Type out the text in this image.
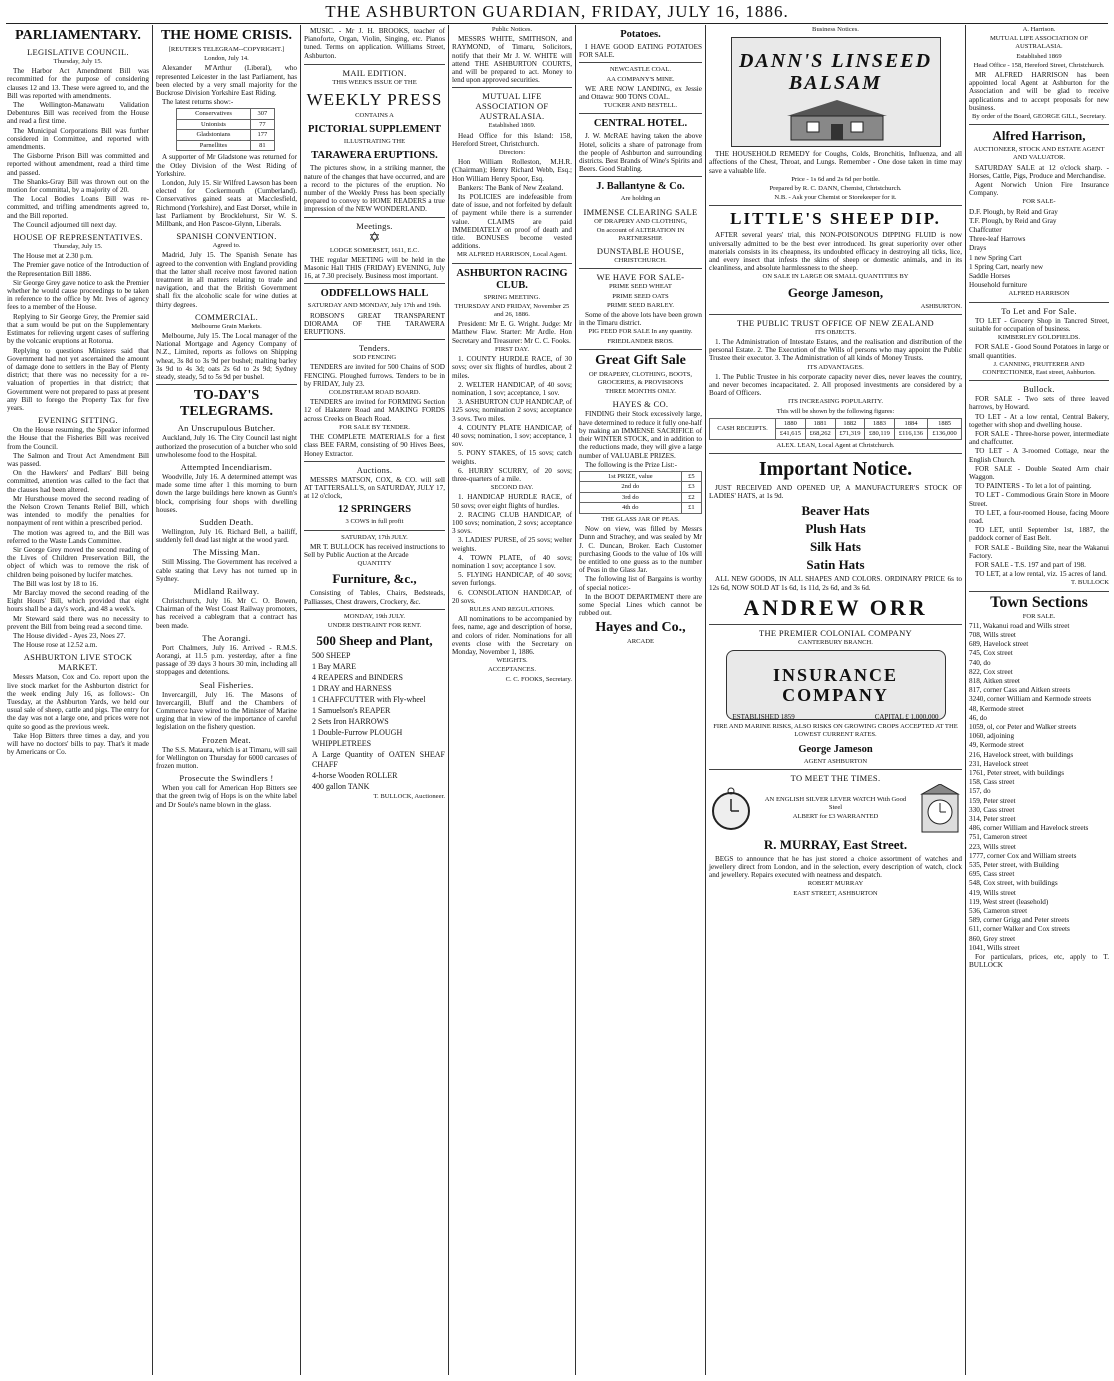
THE ASHBURTON GUARDIAN, FRIDAY, JULY 16, 1886.
PARLIAMENTARY.
LEGISLATIVE COUNCIL.
Thursday, July 15.

The Harbor Act Amendment Bill was recommitted for the purpose of considering clauses 12 and 13. These were agreed to, and the Bill was reported with amendments.

The Wellington-Manawatu Validation Debentures Bill was received from the House and read a first time.

The Municipal Corporations Bill was further considered in Committee, and reported with amendments.

The Gisborne Prison Bill was committed and reported without amendment, read a third time and passed.

The Shanks-Gray Bill was thrown out on the motion for committal, by a majority of 20.

The Local Bodies Loans Bill was re-committed, and trifling amendments agreed to, and the Bill reported.

The Council adjourned till next day.

HOUSE OF REPRESENTATIVES.
Thursday, July 15.

The House met at 2.30 p.m.

The Premier gave notice of the Introduction of the Representation Bill 1886.

Sir George Grey gave notice to ask the Premier whether he would cause proceedings to be taken in reference to the office by Mr. Ives of agency fees to a member of the House.

Replying to Sir George Grey, the Premier said that a sum would be put on the Supplementary Estimates for relieving urgent cases of suffering by the volcanic eruptions at Rotorua.

Replying to questions Ministers said that Government had not yet ascertained the amount of damage done to settlers in the Bay of Plenty district; that there was no necessity for a re-valuation of properties in that district; that Government were not prepared to pass at present any Bill to forego the Property Tax for five years.

EVENING SITTING.

On the House resuming, the Speaker informed the House that the Fisheries Bill was received from the Council.

The Salmon and Trout Act Amendment Bill was passed.

On the Hawkers' and Pedlars' Bill being committed, attention was called to the fact that the clauses had been altered.

Mr Hursthouse moved the second reading of the Nelson Crown Tenants Relief Bill, which was intended to modify the penalties for nonpayment of rent within a prescribed period.

The motion was agreed to, and the Bill was referred to the Waste Lands Committee.

Sir George Grey moved the second reading of the Lives of Children Preservation Bill, the object of which was to remove the risk of children being poisoned by lucifer matches.

The Bill was lost by 18 to 16.

Mr Barclay moved the second reading of the Eight Hours' Bill, which provided that eight hours shall be a day's work, and 48 a week's.

Mr Steward said there was no necessity to prevent the Bill from being read a second time.

The House divided - Ayes 23, Noes 27.

The House rose at 12.52 a.m.

ASHBURTON LIVE STOCK MARKET.

Messrs Matson, Cox and Co. report upon the live stock market for the Ashburton district for the week ending July 16, as follows:- On Tuesday, at the Ashburton Yards, we held our usual sale of sheep, cattle and pigs. The entry for the day was not a large one, and prices were not quite so good as the previous week.

Take Hop Bitters three times a day, and you will have no doctors' bills to pay. That's it made by Americans or Co.

THE HOME CRISIS.
[REUTER'S TELEGRAM--COPYRIGHT.]
London, July 14.

Alexander M'Arthur (Liberal), who represented Leicester in the last Parliament, has been elected by a very small majority for the Buckrose Division Yorkshire East Riding.

The latest returns show:-

Conservatives	307
Unionists	77
Gladstonians	177
Parnellites	81

A supporter of Mr Gladstone was returned for the Otley Division of the West Riding of Yorkshire.

London, July 15. Sir Wilfred Lawson has been elected for Cockermouth (Cumberland). Conservatives gained seats at Macclesfield, Richmond (Yorkshire), and East Dorset, while in last Parliament by Brocklehurst, Sir W. S. Millbank, and Hon Pascoe-Glynn, Liberals.

SPANISH CONVENTION.
Agreed to.

Madrid, July 15. The Spanish Senate has agreed to the convention with England providing that the latter shall receive most favored nation treatment in all matters relating to trade and navigation, and that the British Government shall fix the alcoholic scale for wine duties at thirty degrees.

COMMERCIAL.
Melbourne Grain Markets.

Melbourne, July 15. The Local manager of the National Mortgage and Agency Company of N.Z., Limited, reports as follows on Shipping wheat, 3s 8d to 3s 9d per bushel; malting barley 3s 9d to 4s 3d; oats 2s 6d to 2s 9d; Sydney steady, steady, 5d to 5s 9d per bushel.

TO-DAY'S TELEGRAMS.
An Unscrupulous Butcher.

Auckland, July 16. The City Council last night authorized the prosecution of a butcher who sold unwholesome food to the Hospital.

Attempted Incendiarism.

Woodville, July 16. A determined attempt was made some time after 1 this morning to burn down the large buildings here known as Gunn's block, comprising four shops with dwelling houses.

Sudden Death.

Wellington, July 16. Richard Bell, a bailiff, suddenly fell dead last night at the wood yard.

The Missing Man.

Still Missing. The Government has received a cable stating that Levy has not turned up in Sydney.

Midland Railway.

Christchurch, July 16. Mr C. O. Bowen, Chairman of the West Coast Railway promoters, has received a cablegram that a contract has been made.

The Aorangi.

Port Chalmers, July 16. Arrived - R.M.S. Aorangi, at 11.5 p.m. yesterday, after a fine passage of 39 days 3 hours 30 min, including all stoppages and detentions.

Seal Fisheries.

Invercargill, July 16. The Masons of Invercargill, Bluff and the Chambers of Commerce have wired to the Minister of Marine urging that in view of the importance of careful legislation on the fishery question.

Frozen Meat.

The S.S. Mataura, which is at Timaru, will sail for Wellington on Thursday for 6000 carcases of frozen mutton.

Prosecute the Swindlers !

When you call for American Hop Bitters see that the green twig of Hops is on the white label and Dr Soule's name blown in the glass.

MUSIC. - Mr J. H. BROOKS, teacher of Pianoforte, Organ, Violin, Singing, etc. Pianos tuned. Terms on application. Williams Street, Ashburton.

MAIL EDITION.
THIS WEEK'S ISSUE OF THE
WEEKLY PRESS
CONTAINS A
PICTORIAL SUPPLEMENT
ILLUSTRATING THE
TARAWERA ERUPTIONS.

The pictures show, in a striking manner, the nature of the changes that have occurred, and are a record to the pictures of the eruption. No number of the Weekly Press has been specially prepared to convey to HOME READERS a true impression of the NEW WONDERLAND.

Meetings.
✡
LODGE SOMERSET, 1611, E.C.

THE regular MEETING will be held in the Masonic Hall THIS (FRIDAY) EVENING, July 16, at 7.30 precisely. Business most important.

ODDFELLOWS HALL
SATURDAY AND MONDAY, July 17th and 19th.

ROBSON'S GREAT TRANSPARENT DIORAMA OF THE TARAWERA ERUPTIONS.

Tenders.
SOD FENCING

TENDERS are invited for 500 Chains of SOD FENCING. Ploughed furrows. Tenders to be in by FRIDAY, July 23.

COLDSTREAM ROAD BOARD.

TENDERS are invited for FORMING Section 12 of Hakatere Road and MAKING FORDS across Creeks on Beach Road.

FOR SALE BY TENDER.

THE COMPLETE MATERIALS for a first class BEE FARM, consisting of 90 Hives Bees, Honey Extractor.

Auctions.

MESSRS MATSON, COX, & CO. will sell AT TATTERSALL'S, on SATURDAY, JULY 17, at 12 o'clock,

12 SPRINGERS
3 COWS in full profit
SATURDAY, 17th JULY.

MR T. BULLOCK has received instructions to Sell by Public Auction at the Arcade

QUANTITY
Furniture, &c.,

Consisting of Tables, Chairs, Bedsteads, Palliasses, Chest drawers, Crockery, &c.

MONDAY, 19th JULY.
UNDER DISTRAINT FOR RENT.
500 Sheep and Plant,
500 SHEEP
1 Bay MARE
4 REAPERS and BINDERS
1 DRAY and HARNESS
1 CHAFFCUTTER with Fly-wheel
1 Samuelson's REAPER
2 Sets Iron HARROWS
1 Double-Furrow PLOUGH
WHIPPLETREES
A Large Quantity of OATEN SHEAF CHAFF
4-horse Wooden ROLLER
400 gallon TANK
T. BULLOCK, Auctioneer.
Public Notices.

MESSRS WHITE, SMITHSON, and RAYMOND, of Timaru, Solicitors, notify that their Mr J. W. WHITE will attend THE ASHBURTON COURTS, and will be prepared to act. Money to lend upon approved securities.

MUTUAL LIFE ASSOCIATION OF AUSTRALASIA.
Established 1869.

Head Office for this Island: 158, Hereford Street, Christchurch.

Directors:

Hon William Rolleston, M.H.R. (Chairman); Henry Richard Webb, Esq.; Hon William Henry Spoor, Esq.

Bankers: The Bank of New Zealand.

Its POLICIES are indefeasible from date of issue, and not forfeited by default of payment while there is a surrender value. CLAIMS are paid IMMEDIATELY on proof of death and title. BONUSES become vested additions.

MR ALFRED HARRISON, Local Agent.
ASHBURTON RACING CLUB.
SPRING MEETING.
THURSDAY AND FRIDAY, November 25 and 26, 1886.

President: Mr E. G. Wright. Judge: Mr Matthew Flaw. Starter: Mr Ardle. Hon Secretary and Treasurer: Mr C. C. Fooks.

FIRST DAY.

1. COUNTY HURDLE RACE, of 30 sovs; over six flights of hurdles, about 2 miles.

2. WELTER HANDICAP, of 40 sovs; nomination, 1 sov; acceptance, 1 sov.

3. ASHBURTON CUP HANDICAP, of 125 sovs; nomination 2 sovs; acceptance 3 sovs. Two miles.

4. COUNTY PLATE HANDICAP, of 40 sovs; nomination, 1 sov; acceptance, 1 sov.

5. PONY STAKES, of 15 sovs; catch weights.

6. HURRY SCURRY, of 20 sovs; three-quarters of a mile.

SECOND DAY.

1. HANDICAP HURDLE RACE, of 50 sovs; over eight flights of hurdles.

2. RACING CLUB HANDICAP, of 100 sovs; nomination, 2 sovs; acceptance 3 sovs.

3. LADIES' PURSE, of 25 sovs; welter weights.

4. TOWN PLATE, of 40 sovs; nomination 1 sov; acceptance 1 sov.

5. FLYING HANDICAP, of 40 sovs; seven furlongs.

6. CONSOLATION HANDICAP, of 20 sovs.

RULES AND REGULATIONS.

All nominations to be accompanied by fees, name, age and description of horse, and colors of rider. Nominations for all events close with the Secretary on Monday, November 1, 1886.

WEIGHTS.
ACCEPTANCES.
C. C. FOOKS, Secretary.
Potatoes.

I HAVE GOOD EATING POTATOES FOR SALE.

NEWCASTLE COAL.
AA COMPANY'S MINE.

WE ARE NOW LANDING, ex Jessie and Ottawa: 900 TONS COAL.

TUCKER AND BESTELL.
CENTRAL HOTEL.

J. W. McRAE having taken the above Hotel, solicits a share of patronage from the people of Ashburton and surrounding districts. Best Brands of Wine's Spirits and Beers. Good Stabling.

J. Ballantyne & Co.
Are holding an
IMMENSE CLEARING SALE
OF DRAPERY AND CLOTHING,
On account of ALTERATION IN PARTNERSHIP.
DUNSTABLE HOUSE,
CHRISTCHURCH.
WE HAVE FOR SALE-
PRIME SEED WHEAT
PRIME SEED OATS
PRIME SEED BARLEY.

Some of the above lots have been grown in the Timaru district.

PIG FEED FOR SALE In any quantity.
FRIEDLANDER BROS.
Great Gift Sale
OF DRAPERY, CLOTHING, BOOTS, GROCERIES, & PROVISIONS
THREE MONTHS ONLY.
HAYES & CO.

FINDING their Stock excessively large, have determined to reduce it fully one-half by making an IMMENSE SACRIFICE of their WINTER STOCK, and in addition to the reductions made, they will give a large number of VALUABLE PRIZES.

The following is the Prize List:-

1st PRIZE, value	£5
2nd do	£3
3rd do	£2
4th do	£1
THE GLASS JAR OF PEAS.

Now on view, was filled by Messrs Dunn and Strachey, and was sealed by Mr J. C. Duncan, Broker. Each Customer purchasing Goods to the value of 10s will be entitled to one guess as to the number of Peas in the Glass Jar.

The following list of Bargains is worthy of special notice:-

In the BOOT DEPARTMENT there are some Special Lines which cannot be rubbed out.

Hayes and Co.,
ARCADE
Business Notices.
DANN'S LINSEED BALSAM

THE HOUSEHOLD REMEDY for Coughs, Colds, Bronchitis, Influenza, and all affections of the Chest, Throat, and Lungs. Remember - One dose taken in time may save a valuable life.

Price - 1s 6d and 2s 6d per bottle.
Prepared by R. C. DANN, Chemist, Christchurch.
N.B. - Ask your Chemist or Storekeeper for it.
LITTLE'S SHEEP DIP.

AFTER several years' trial, this NON-POISONOUS DIPPING FLUID is now universally admitted to be the best ever introduced. Its great superiority over other materials consists in its cheapness, its undoubted efficacy in destroying all ticks, lice, and every insect that infests the skins of sheep or domestic animals, and in its cleanliness, and absolute harmlessness to the sheep.

ON SALE IN LARGE OR SMALL QUANTITIES BY
George Jameson,
ASHBURTON.
THE PUBLIC TRUST OFFICE OF NEW ZEALAND
ITS OBJECTS.

1. The Administration of Intestate Estates, and the realisation and distribution of the personal Estate. 2. The Execution of the Wills of persons who may appoint the Public Trustee their executor. 3. The Administration of all kinds of Money Trusts.

ITS ADVANTAGES.

1. The Public Trustee in his corporate capacity never dies, never leaves the country, and never becomes incapacitated. 2. All proposed investments are considered by a Board of Officers.

ITS INCREASING POPULARITY.
This will be shown by the following figures:
CASH RECEIPTS.	1880	1881	1882	1883	1884	1885
	£41,615	£68,262	£71,319	£80,119	£116,136	£136,000
ALEX. LEAN, Local Agent at Christchurch.
Important Notice.

JUST RECEIVED AND OPENED UP, A MANUFACTURER'S STOCK OF LADIES' HATS, at 1s 9d.

Beaver Hats
Plush Hats
Silk Hats
Satin Hats

ALL NEW GOODS, IN ALL SHAPES AND COLORS. ORDINARY PRICE 6s to 12s 6d, NOW SOLD AT 1s 6d, 1s 11d, 2s 6d, and 3s 6d.

ANDREW ORR
THE PREMIER COLONIAL COMPANY
CANTERBURY BRANCH.
INSURANCE COMPANY
ESTABLISHED 1859	CAPITAL £ 1,000,000
FIRE AND MARINE RISKS, ALSO RISKS ON GROWING CROPS ACCEPTED AT THE LOWEST CURRENT RATES.
George Jameson
AGENT ASHBURTON
TO MEET THE TIMES.
AN ENGLISH SILVER LEVER WATCH With Good Steel
ALBERT for £3 WARRANTED
R. MURRAY, East Street.

BEGS to announce that he has just stored a choice assortment of watches and jewellery direct from London, and in the selection, every description of watch, clock and jewellery. Repairs executed with neatness and despatch.

ROBERT MURRAY
EAST STREET, ASHBURTON
A. Harrison.
MUTUAL LIFE ASSOCIATION OF AUSTRALASIA.
Established 1869
Head Office - 158, Hereford Street, Christchurch.

MR ALFRED HARRISON has been appointed local Agent at Ashburton for the Association and will be glad to receive applications and to accept proposals for new business.

By order of the Board, GEORGE GILL, Secretary.
Alfred Harrison,
AUCTIONEER, STOCK AND ESTATE AGENT AND VALUATOR.

SATURDAY SALE at 12 o'clock sharp. - Horses, Cattle, Pigs, Produce and Merchandise.

Agent Norwich Union Fire Insurance Company.

FOR SALE-
D.F. Plough, by Reid and Gray
T.F. Plough, by Reid and Gray
Chaffcutter
Three-leaf Harrows
Drays
1 new Spring Cart
1 Spring Cart, nearly new
Saddle Horses
Household furniture
ALFRED HARRISON
To Let and For Sale.

TO LET - Grocery Shop in Tancred Street, suitable for occupation of business.

KIMBERLEY GOLDFIELDS.

FOR SALE - Good Sound Potatoes in large or small quantities.

J. CANNING, FRUITERER AND CONFECTIONER, East street, Ashburton.
Bullock.

FOR SALE - Two sets of three leaved harrows, by Howard.

TO LET - At a low rental, Central Bakery, together with shop and dwelling house.

FOR SALE - Three-horse power, intermediate and chaffcutter.

TO LET - A 3-roomed Cottage, near the English Church.

FOR SALE - Double Seated Arm chair Waggon.

TO PAINTERS - To let a lot of painting.

TO LET - Commodious Grain Store in Moore Street.

TO LET, a four-roomed House, facing Moore road.

TO LET, until September 1st, 1887, the paddock corner of East Belt.

FOR SALE - Building Site, near the Wakanui Factory.

FOR SALE - T.S. 197 and part of 198.

TO LET, at a low rental, viz. 15 acres of land.

T. BULLOCK
Town Sections
FOR SALE.
711, Wakanui road and Wills street
708, Wills street
689, Havelock street
745, Cox street
740, do
822, Cox street
818, Aitken street
817, corner Cass and Aitken streets
3240, corner William and Kermode streets
48, Kermode street
46, do
1059, ol, cor Peter and Walker streets
1060, adjoining
49, Kermode street
216, Havelock street, with buildings
231, Havelock street
1761, Peter street, with buildings
158, Cass street
157, do
159, Peter street
330, Cass street
314, Peter street
486, corner William and Havelock streets
751, Cameron street
223, Wills street
1777, corner Cox and William streets
535, Peter street, with Building
695, Cass street
548, Cox street, with buildings
419, Wills street
119, West street (leasehold)
536, Cameron street
589, corner Grigg and Peter streets
611, corner Walker and Cox streets
860, Grey street
1041, Wills street

For particulars, prices, etc, apply to T. BULLOCK
